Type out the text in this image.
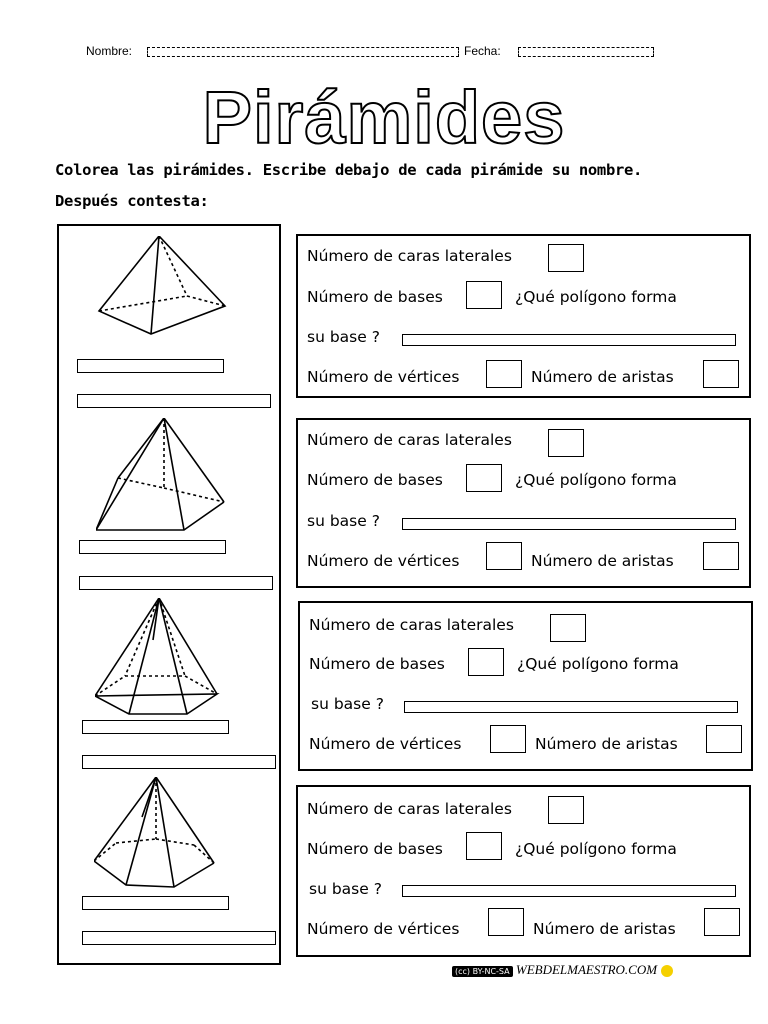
Nombre:	Fecha:
Pirámides
Colorea las pirámides. Escribe debajo de cada pirámide su nombre.
Después contesta:
Número de caras laterales
Número de bases	¿Qué polígono forma
su base ?
Número de vértices	Número de aristas
Número de caras laterales
Número de bases	¿Qué polígono forma
su base ?
Número de vértices	Número de aristas
Número de caras laterales
Número de bases	¿Qué polígono forma
su base ?
Número de vértices	Número de aristas
Número de caras laterales
Número de bases	¿Qué polígono forma
su base ?
Número de vértices	Número de aristas
(cc) BY-NC-SA WEBDELMAESTRO.COM
